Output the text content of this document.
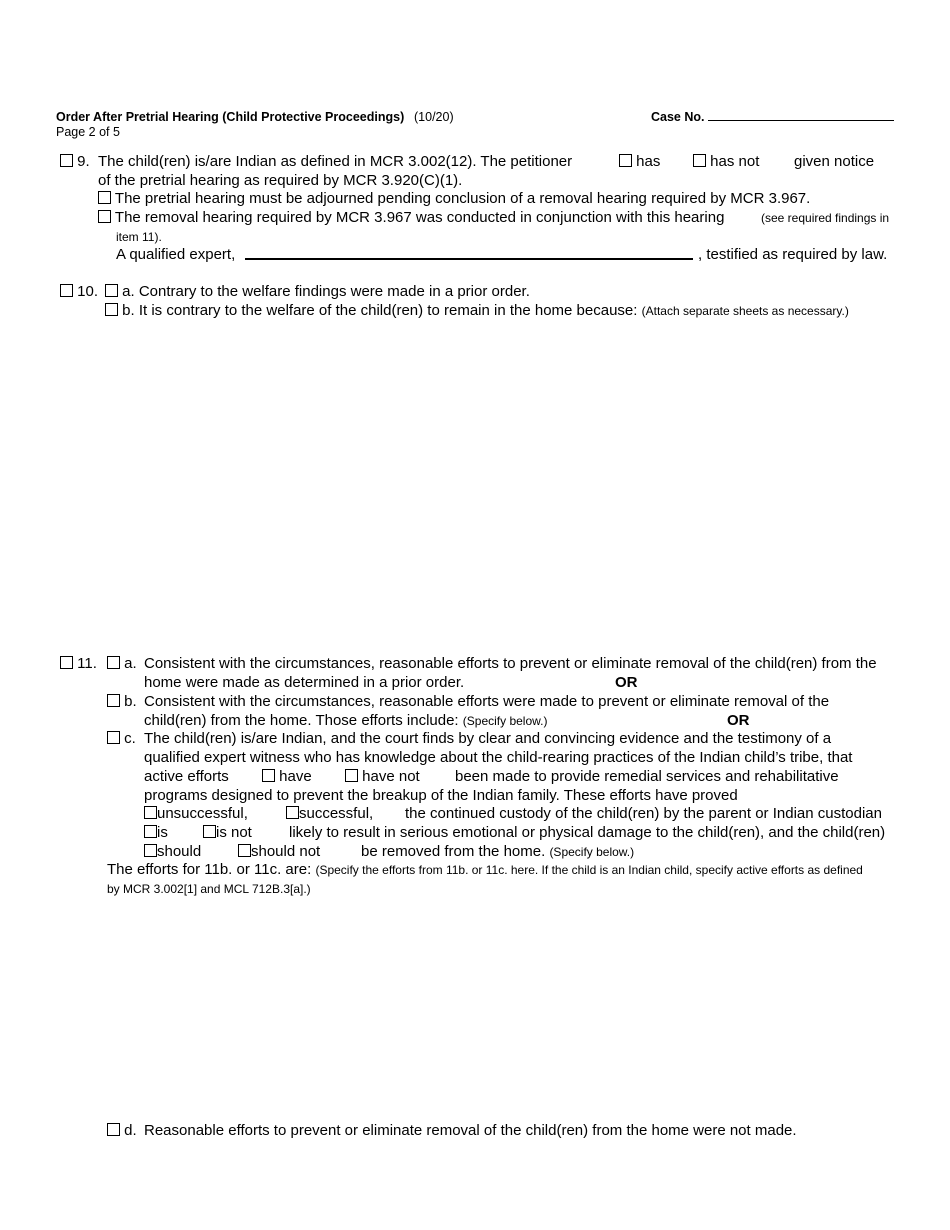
Order After Pretrial Hearing (Child Protective Proceedings) (10/20)
Page 2 of 5
Case No.
9. The child(ren) is/are Indian as defined in MCR 3.002(12). The petitioner	has	has not given notice
of the pretrial hearing as required by MCR 3.920(C)(1).
The pretrial hearing must be adjourned pending conclusion of a removal hearing required by MCR 3.967.
The removal hearing required by MCR 3.967 was conducted in conjunction with this hearing	(see required findings in
item 11).
A qualified expert,	, testified as required by law.
10.	a. Contrary to the welfare findings were made in a prior order.
b. It is contrary to the welfare of the child(ren) to remain in the home because: (Attach separate sheets as necessary.)
11.	a. Consistent with the circumstances, reasonable efforts to prevent or eliminate removal of the child(ren) from the
home were made as determined in a prior order.	OR
b. Consistent with the circumstances, reasonable efforts were made to prevent or eliminate removal of the
child(ren) from the home. Those efforts include: (Specify below.)	OR
c. The child(ren) is/are Indian, and the court finds by clear and convincing evidence and the testimony of a
qualified expert witness who has knowledge about the child-rearing practices of the Indian child’s tribe, that
active efforts	have	have not been made to provide remedial services and rehabilitative
programs designed to prevent the breakup of the Indian family. These efforts have proved
unsuccessful,	successful, the continued custody of the child(ren) by the parent or Indian custodian
is	is not likely to result in serious emotional or physical damage to the child(ren), and the child(ren)
should	should not	be removed from the home. (Specify below.)
The efforts for 11b. or 11c. are: (Specify the efforts from 11b. or 11c. here. If the child is an Indian child, specify active efforts as defined
by MCR 3.002[1] and MCL 712B.3[a].)
d. Reasonable efforts to prevent or eliminate removal of the child(ren) from the home were not made.
